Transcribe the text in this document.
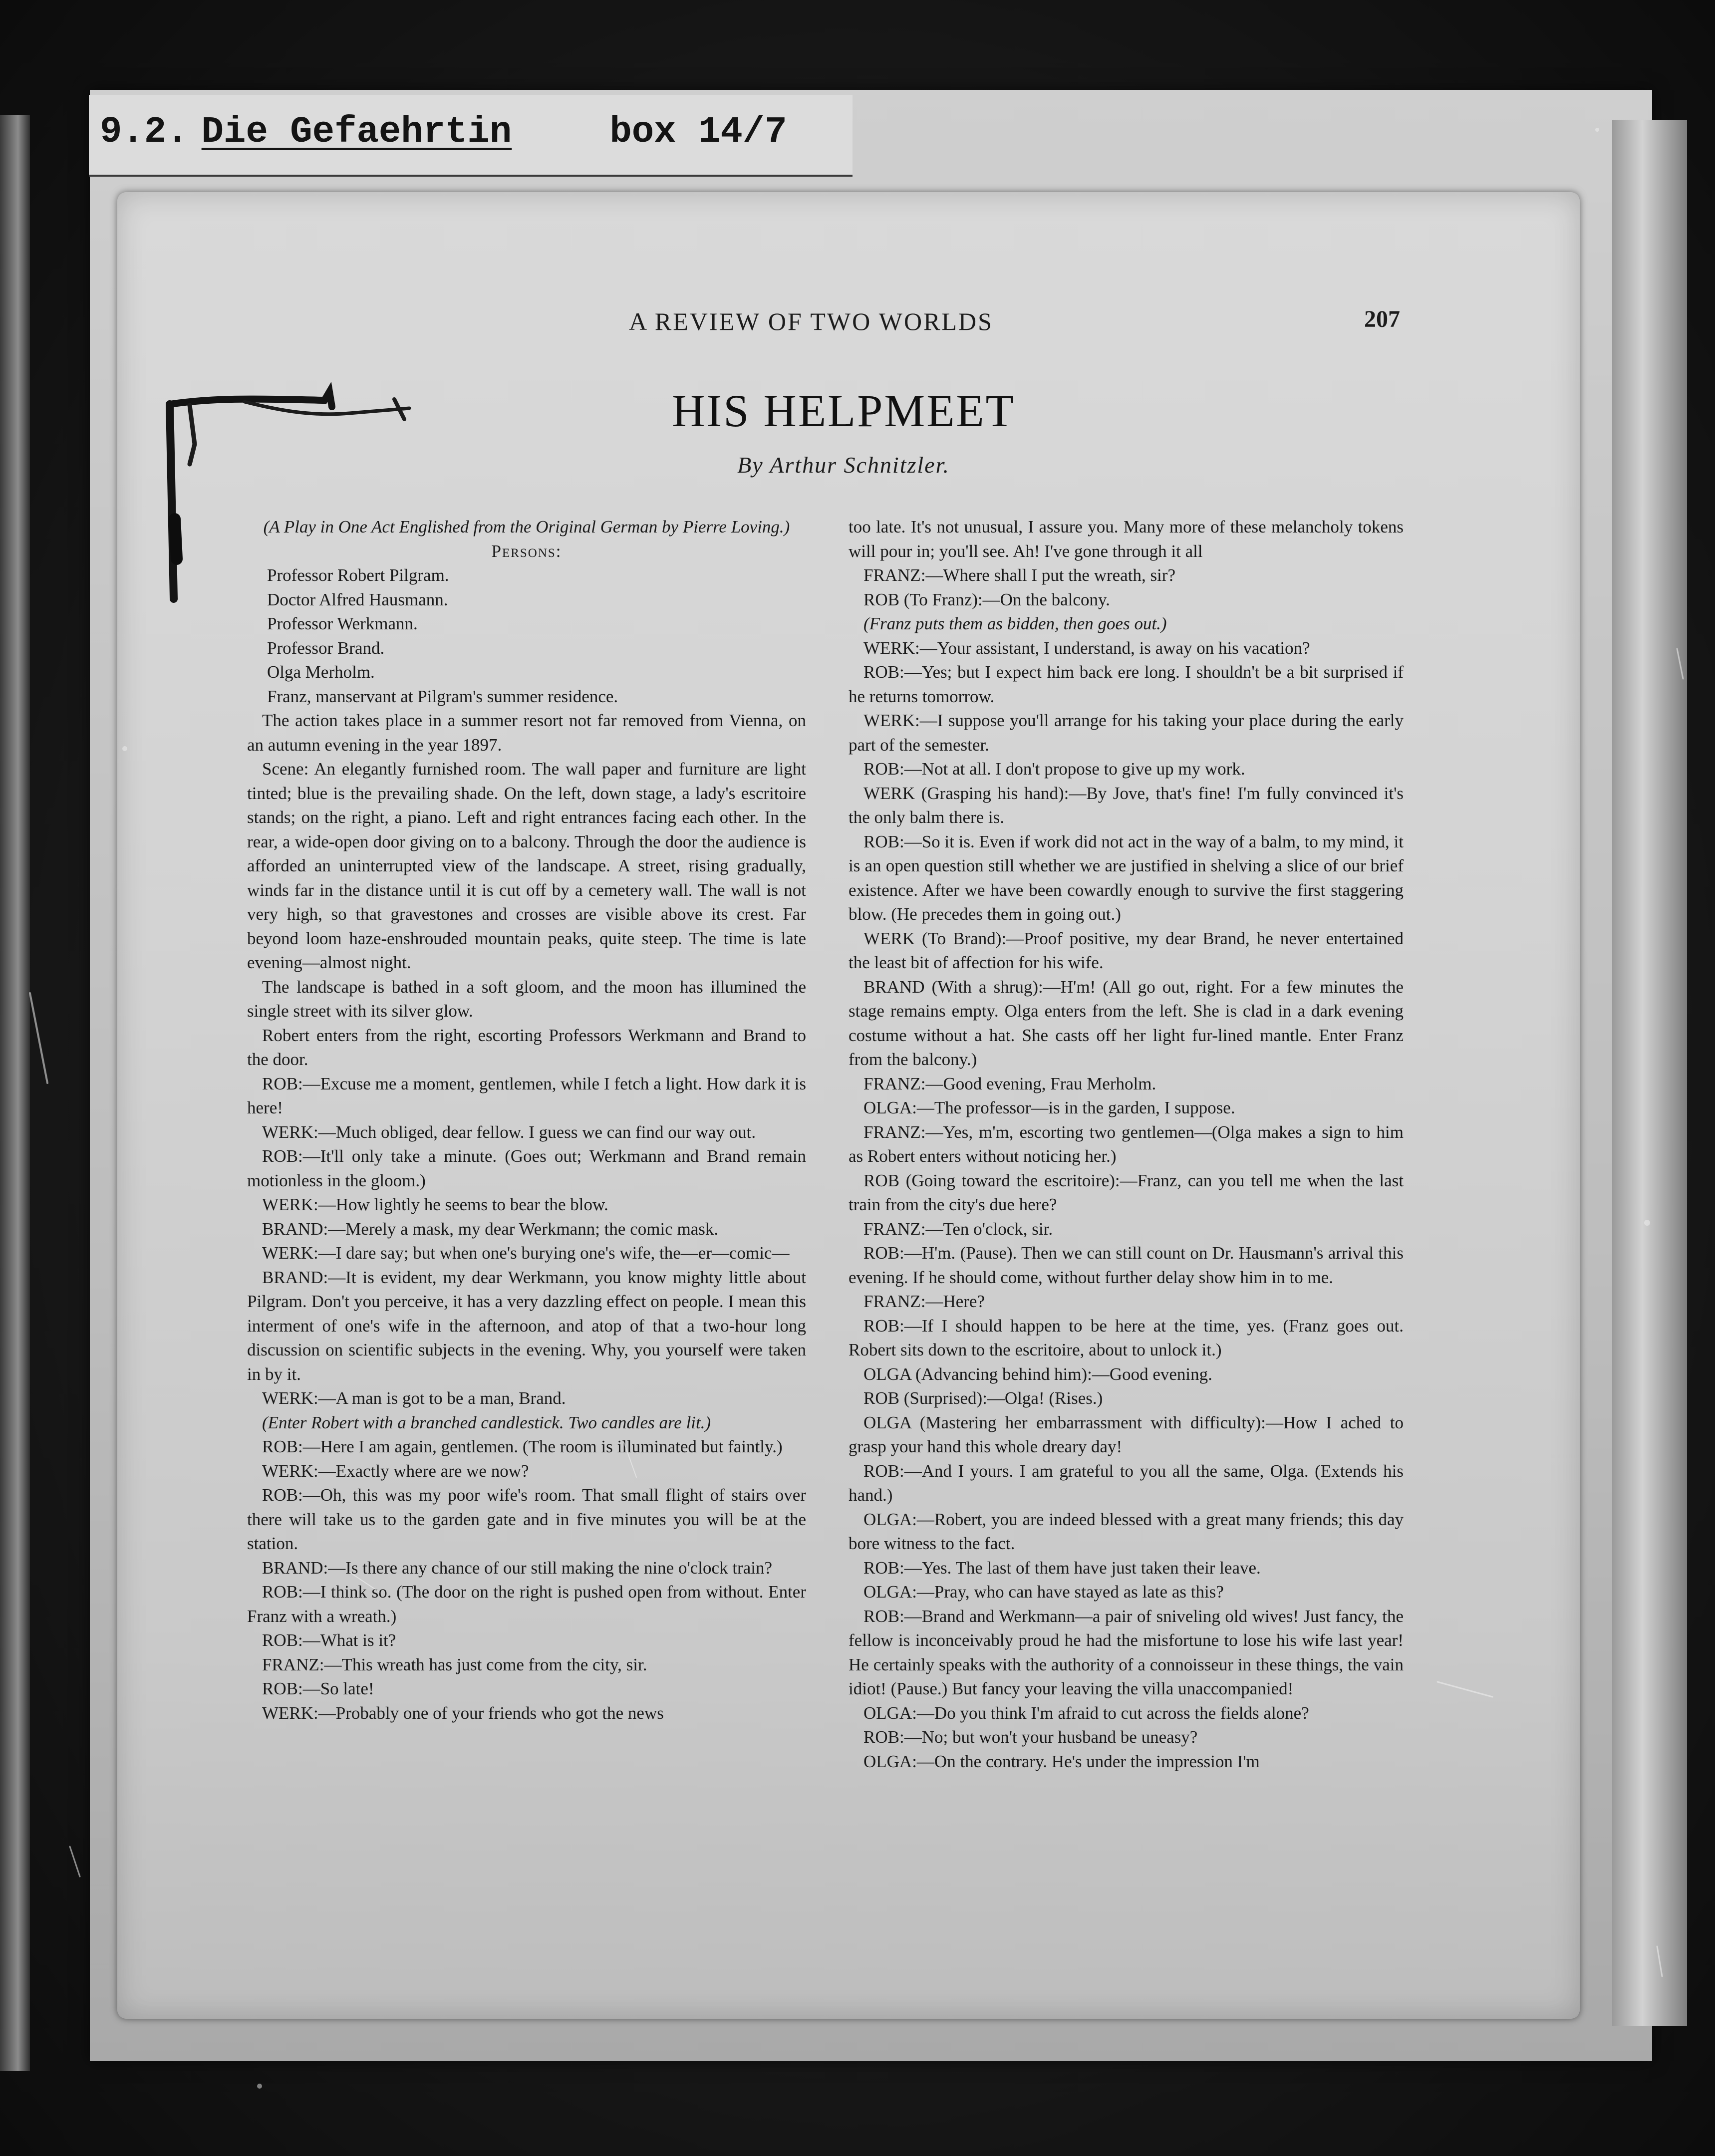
9.2. Die Gefaehrtin	box 14/7
A REVIEW OF TWO WORLDS	207
HIS HELPMEET
By Arthur Schnitzler.

(A Play in One Act Englished from the Original German by Pierre Loving.)

Persons:

Professor Robert Pilgram.

Doctor Alfred Hausmann.

Professor Werkmann.

Professor Brand.

Olga Merholm.

Franz, manservant at Pilgram's summer residence.

The action takes place in a summer resort not far removed from Vienna, on an autumn evening in the year 1897.

Scene: An elegantly furnished room. The wall paper and furniture are light tinted; blue is the prevailing shade. On the left, down stage, a lady's escritoire stands; on the right, a piano. Left and right entrances facing each other. In the rear, a wide-open door giving on to a balcony. Through the door the audience is afforded an uninterrupted view of the landscape. A street, rising gradually, winds far in the distance until it is cut off by a cemetery wall. The wall is not very high, so that gravestones and crosses are visible above its crest. Far beyond loom haze-enshrouded mountain peaks, quite steep. The time is late evening—almost night.

The landscape is bathed in a soft gloom, and the moon has illumined the single street with its silver glow.

Robert enters from the right, escorting Professors Werkmann and Brand to the door.

ROB:—Excuse me a moment, gentlemen, while I fetch a light. How dark it is here!

WERK:—Much obliged, dear fellow. I guess we can find our way out.

ROB:—It'll only take a minute. (Goes out; Werkmann and Brand remain motionless in the gloom.)

WERK:—How lightly he seems to bear the blow.

BRAND:—Merely a mask, my dear Werkmann; the comic mask.

WERK:—I dare say; but when one's burying one's wife, the—er—comic—

BRAND:—It is evident, my dear Werkmann, you know mighty little about Pilgram. Don't you perceive, it has a very dazzling effect on people. I mean this interment of one's wife in the afternoon, and atop of that a two-hour long discussion on scientific subjects in the evening. Why, you yourself were taken in by it.

WERK:—A man is got to be a man, Brand.

(Enter Robert with a branched candlestick. Two candles are lit.)

ROB:—Here I am again, gentlemen. (The room is illuminated but faintly.)

WERK:—Exactly where are we now?

ROB:—Oh, this was my poor wife's room. That small flight of stairs over there will take us to the garden gate and in five minutes you will be at the station.

BRAND:—Is there any chance of our still making the nine o'clock train?

ROB:—I think so. (The door on the right is pushed open from without. Enter Franz with a wreath.)

ROB:—What is it?

FRANZ:—This wreath has just come from the city, sir.

ROB:—So late!

WERK:—Probably one of your friends who got the news

too late. It's not unusual, I assure you. Many more of these melancholy tokens will pour in; you'll see. Ah! I've gone through it all

FRANZ:—Where shall I put the wreath, sir?

ROB (To Franz):—On the balcony.

(Franz puts them as bidden, then goes out.)

WERK:—Your assistant, I understand, is away on his vacation?

ROB:—Yes; but I expect him back ere long. I shouldn't be a bit surprised if he returns tomorrow.

WERK:—I suppose you'll arrange for his taking your place during the early part of the semester.

ROB:—Not at all. I don't propose to give up my work.

WERK (Grasping his hand):—By Jove, that's fine! I'm fully convinced it's the only balm there is.

ROB:—So it is. Even if work did not act in the way of a balm, to my mind, it is an open question still whether we are justified in shelving a slice of our brief existence. After we have been cowardly enough to survive the first staggering blow. (He precedes them in going out.)

WERK (To Brand):—Proof positive, my dear Brand, he never entertained the least bit of affection for his wife.

BRAND (With a shrug):—H'm! (All go out, right. For a few minutes the stage remains empty. Olga enters from the left. She is clad in a dark evening costume without a hat. She casts off her light fur-lined mantle. Enter Franz from the balcony.)

FRANZ:—Good evening, Frau Merholm.

OLGA:—The professor—is in the garden, I suppose.

FRANZ:—Yes, m'm, escorting two gentlemen—(Olga makes a sign to him as Robert enters without noticing her.)

ROB (Going toward the escritoire):—Franz, can you tell me when the last train from the city's due here?

FRANZ:—Ten o'clock, sir.

ROB:—H'm. (Pause). Then we can still count on Dr. Hausmann's arrival this evening. If he should come, without further delay show him in to me.

FRANZ:—Here?

ROB:—If I should happen to be here at the time, yes. (Franz goes out. Robert sits down to the escritoire, about to unlock it.)

OLGA (Advancing behind him):—Good evening.

ROB (Surprised):—Olga! (Rises.)

OLGA (Mastering her embarrassment with difficulty):—How I ached to grasp your hand this whole dreary day!

ROB:—And I yours. I am grateful to you all the same, Olga. (Extends his hand.)

OLGA:—Robert, you are indeed blessed with a great many friends; this day bore witness to the fact.

ROB:—Yes. The last of them have just taken their leave.

OLGA:—Pray, who can have stayed as late as this?

ROB:—Brand and Werkmann—a pair of sniveling old wives! Just fancy, the fellow is inconceivably proud he had the misfortune to lose his wife last year! He certainly speaks with the authority of a connoisseur in these things, the vain idiot! (Pause.) But fancy your leaving the villa unaccompanied!

OLGA:—Do you think I'm afraid to cut across the fields alone?

ROB:—No; but won't your husband be uneasy?

OLGA:—On the contrary. He's under the impression I'm
